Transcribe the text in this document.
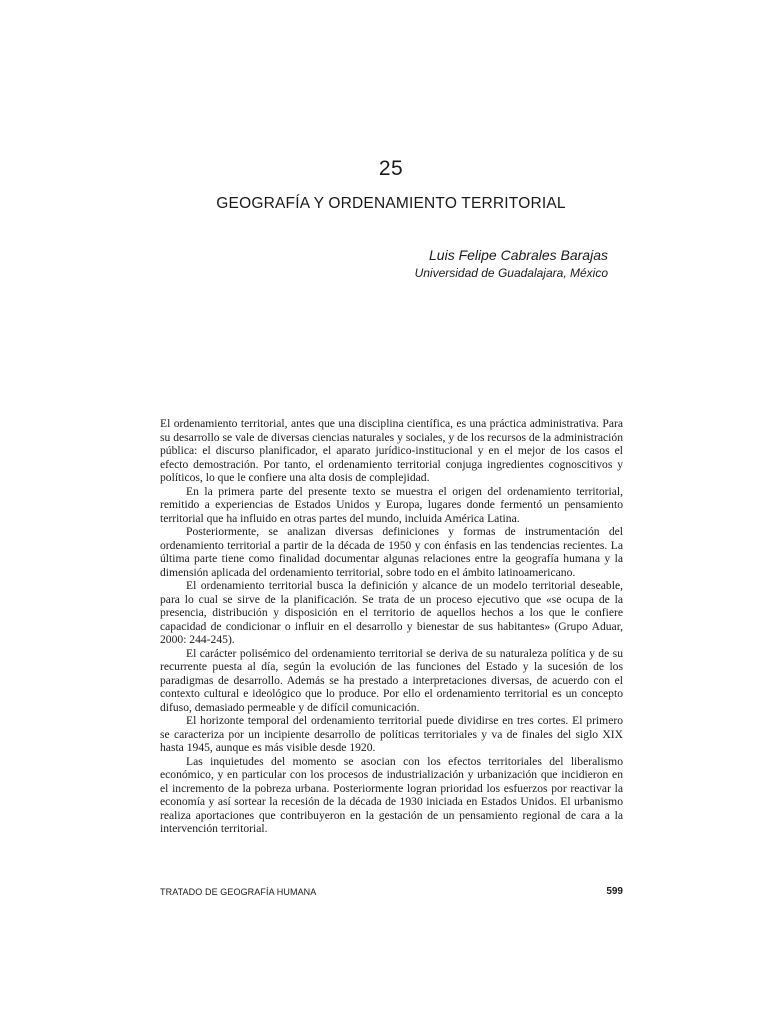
25
GEOGRAFÍA Y ORDENAMIENTO TERRITORIAL
Luis Felipe Cabrales Barajas
Universidad de Guadalajara, México

El ordenamiento territorial, antes que una disciplina científica, es una práctica administrativa. Para su desarrollo se vale de diversas ciencias naturales y sociales, y de los recursos de la administración pública: el discurso planificador, el aparato jurídico-institucional y en el mejor de los casos el efecto demostración. Por tanto, el ordenamiento territorial conjuga ingredientes cognoscitivos y políticos, lo que le confiere una alta dosis de complejidad.

En la primera parte del presente texto se muestra el origen del ordenamiento territorial, remitido a experiencias de Estados Unidos y Europa, lugares donde fermentó un pensamiento territorial que ha influido en otras partes del mundo, incluida América Latina.

Posteriormente, se analizan diversas definiciones y formas de instrumentación del ordenamiento territorial a partir de la década de 1950 y con énfasis en las tendencias recientes. La última parte tiene como finalidad documentar algunas relaciones entre la geografía humana y la dimensión aplicada del ordenamiento territorial, sobre todo en el ámbito latinoamericano.

El ordenamiento territorial busca la definición y alcance de un modelo territorial deseable, para lo cual se sirve de la planificación. Se trata de un proceso ejecutivo que «se ocupa de la presencia, distribución y disposición en el territorio de aquellos hechos a los que le confiere capacidad de condicionar o influir en el desarrollo y bienestar de sus habitantes» (Grupo Aduar, 2000: 244-245).

El carácter polisémico del ordenamiento territorial se deriva de su naturaleza política y de su recurrente puesta al día, según la evolución de las funciones del Estado y la sucesión de los paradigmas de desarrollo. Además se ha prestado a interpretaciones diversas, de acuerdo con el contexto cultural e ideológico que lo produce. Por ello el ordenamiento territorial es un concepto difuso, demasiado permeable y de difícil comunicación.

El horizonte temporal del ordenamiento territorial puede dividirse en tres cortes. El primero se caracteriza por un incipiente desarrollo de políticas territoriales y va de finales del siglo XIX hasta 1945, aunque es más visible desde 1920.

Las inquietudes del momento se asocian con los efectos territoriales del liberalismo económico, y en particular con los procesos de industrialización y urbanización que incidieron en el incremento de la pobreza urbana. Posteriormente logran prioridad los esfuerzos por reactivar la economía y así sortear la recesión de la década de 1930 iniciada en Estados Unidos. El urbanismo realiza aportaciones que contribuyeron en la gestación de un pensamiento regional de cara a la intervención territorial.

TRATADO DE GEOGRAFÍA HUMANA	599
